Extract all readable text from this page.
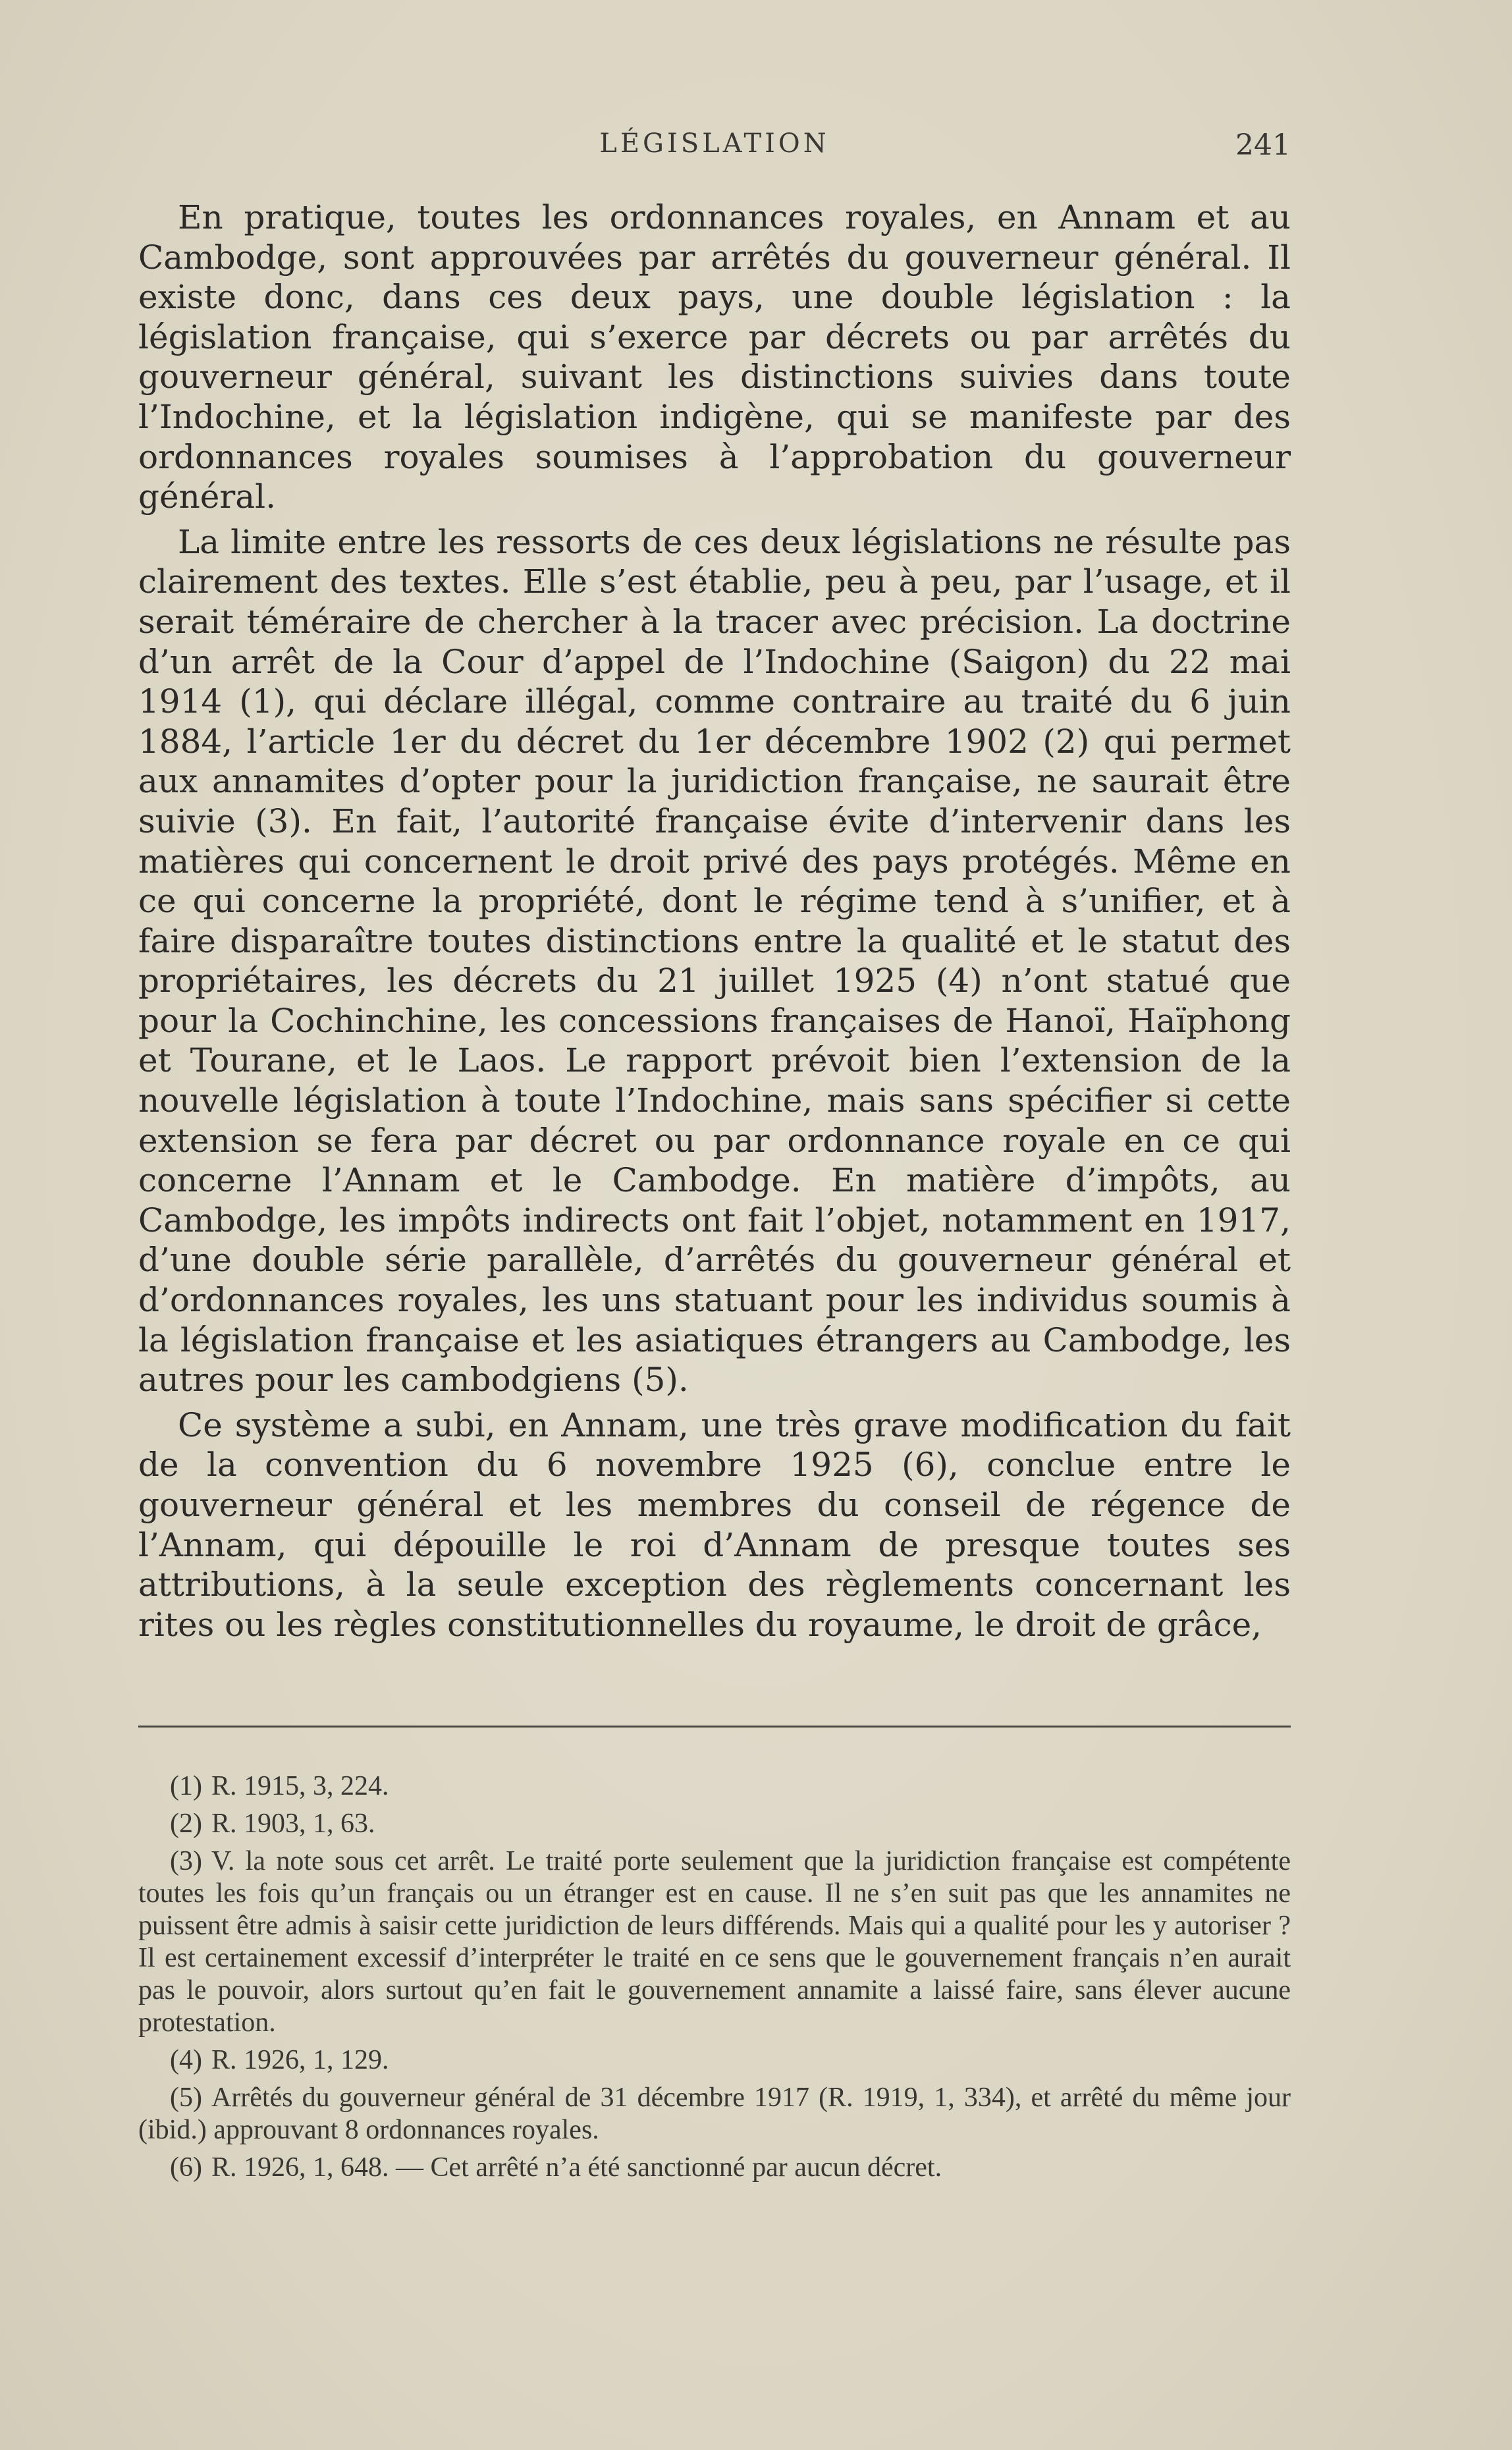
LÉGISLATION	241

En pratique, toutes les ordonnances royales, en Annam et au Cambodge, sont approuvées par arrêtés du gouverneur général. Il existe donc, dans ces deux pays, une double législation : la législation française, qui s’exerce par décrets ou par arrêtés du gouverneur général, suivant les distinctions suivies dans toute l’Indochine, et la législation indigène, qui se manifeste par des ordonnances royales soumises à l’approbation du gouverneur général.

La limite entre les ressorts de ces deux législations ne résulte pas clairement des textes. Elle s’est établie, peu à peu, par l’usage, et il serait téméraire de chercher à la tracer avec précision. La doctrine d’un arrêt de la Cour d’appel de l’Indochine (Saigon) du 22 mai 1914 (1), qui déclare illégal, comme contraire au traité du 6 juin 1884, l’article 1er du décret du 1er décembre 1902 (2) qui permet aux annamites d’opter pour la juridiction française, ne saurait être suivie (3). En fait, l’autorité française évite d’intervenir dans les matières qui concernent le droit privé des pays protégés. Même en ce qui concerne la propriété, dont le régime tend à s’unifier, et à faire disparaître toutes distinctions entre la qualité et le statut des propriétaires, les décrets du 21 juillet 1925 (4) n’ont statué que pour la Cochinchine, les concessions françaises de Hanoï, Haïphong et Tourane, et le Laos. Le rapport prévoit bien l’extension de la nouvelle législation à toute l’Indochine, mais sans spécifier si cette extension se fera par décret ou par ordonnance royale en ce qui concerne l’Annam et le Cambodge. En matière d’impôts, au Cambodge, les impôts indirects ont fait l’objet, notamment en 1917, d’une double série parallèle, d’arrêtés du gouverneur général et d’ordonnances royales, les uns statuant pour les individus soumis à la législation française et les asiatiques étrangers au Cambodge, les autres pour les cambodgiens (5).

Ce système a subi, en Annam, une très grave modification du fait de la convention du 6 novembre 1925 (6), conclue entre le gouverneur général et les membres du conseil de régence de l’Annam, qui dépouille le roi d’Annam de presque toutes ses attributions, à la seule exception des règlements concernant les rites ou les règles constitutionnelles du royaume, le droit de grâce,

(1) R. 1915, 3, 224.

(2) R. 1903, 1, 63.

(3) V. la note sous cet arrêt. Le traité porte seulement que la juridiction française est compétente toutes les fois qu’un français ou un étranger est en cause. Il ne s’en suit pas que les annamites ne puissent être admis à saisir cette juridiction de leurs différends. Mais qui a qualité pour les y autoriser ? Il est certainement excessif d’interpréter le traité en ce sens que le gouvernement français n’en aurait pas le pouvoir, alors surtout qu’en fait le gouvernement annamite a laissé faire, sans élever aucune protestation.

(4) R. 1926, 1, 129.

(5) Arrêtés du gouverneur général de 31 décembre 1917 (R. 1919, 1, 334), et arrêté du même jour (ibid.) approuvant 8 ordonnances royales.

(6) R. 1926, 1, 648. — Cet arrêté n’a été sanctionné par aucun décret.
